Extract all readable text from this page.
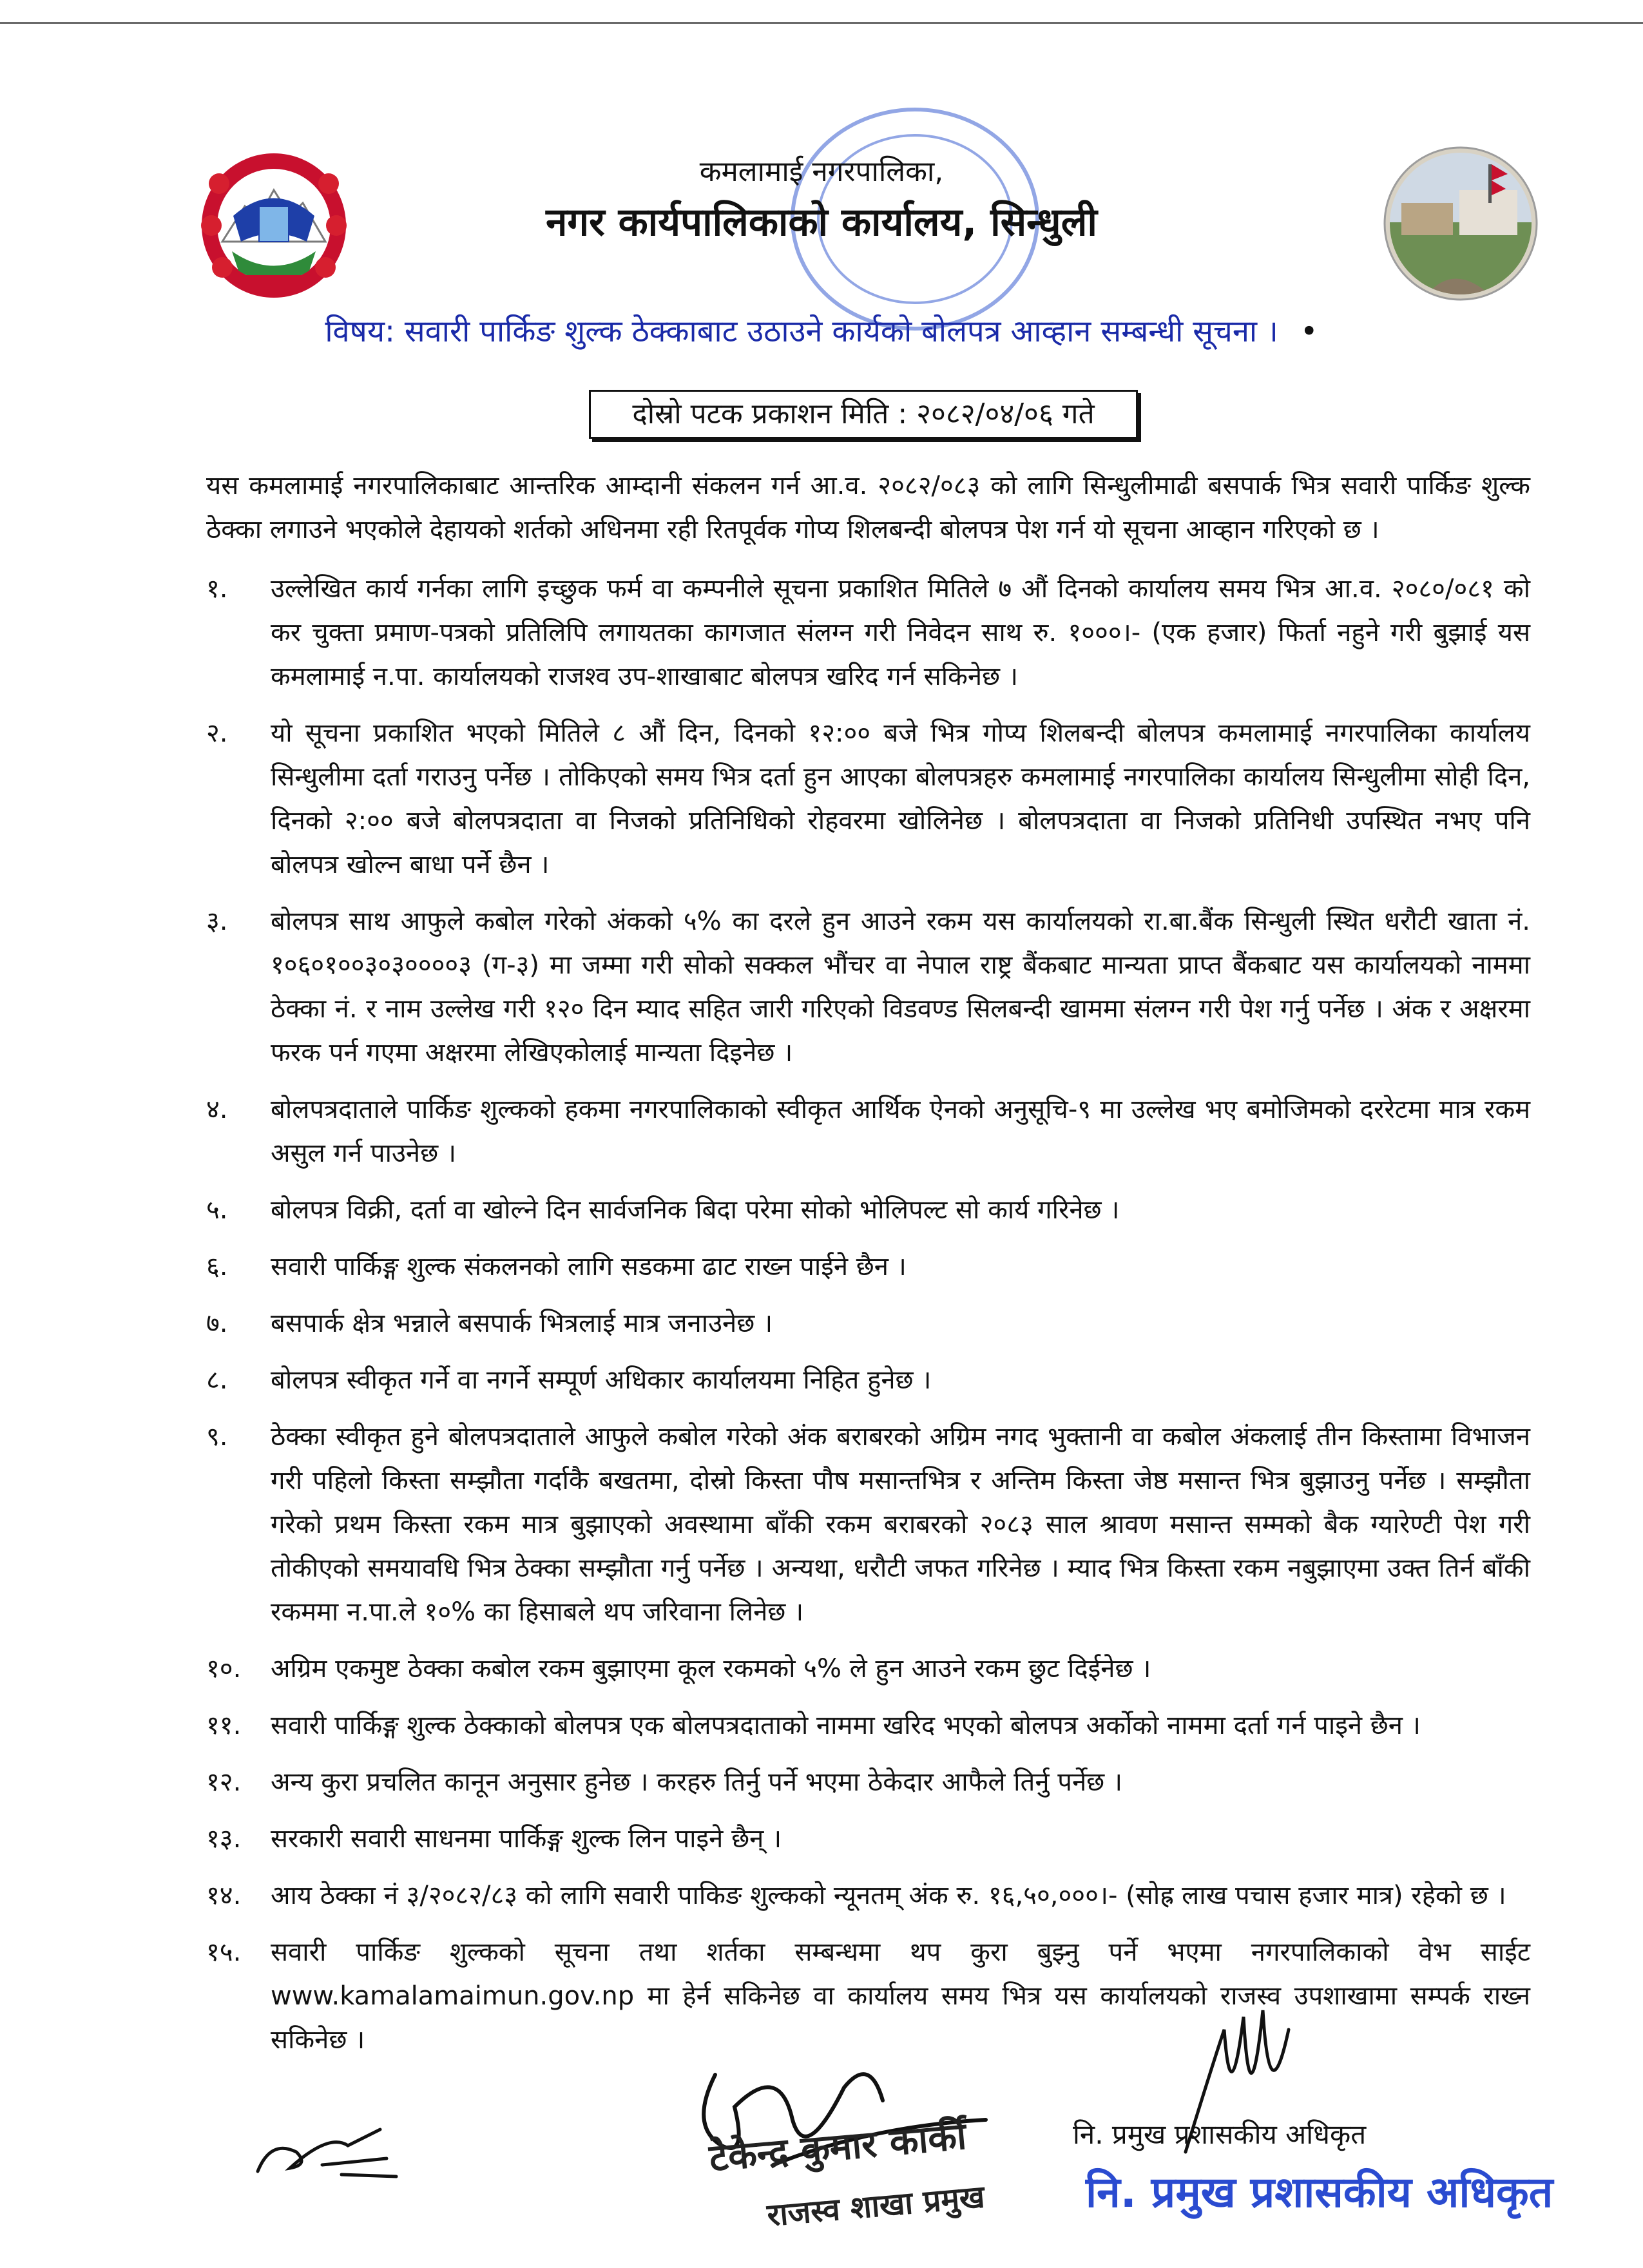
कमलामाई नगरपालिका,
नगर कार्यपालिकाको कार्यालय, सिन्धुली
विषय: सवारी पार्किङ शुल्क ठेक्काबाट उठाउने कार्यको बोलपत्र आव्हान सम्बन्धी सूचना । •
दोस्रो पटक प्रकाशन मिति : २०८२/०४/०६ गते

यस कमलामाई नगरपालिकाबाट आन्तरिक आम्दानी संकलन गर्न आ.व. २०८२/०८३ को लागि सिन्धुलीमाढी बसपार्क भित्र सवारी पार्किङ शुल्क ठेक्का लगाउने भएकोले देहायको शर्तको अधिनमा रही रितपूर्वक गोप्य शिलबन्दी बोलपत्र पेश गर्न यो सूचना आव्हान गरिएको छ ।

१.	उल्लेखित कार्य गर्नका लागि इच्छुक फर्म वा कम्पनीले सूचना प्रकाशित मितिले ७ औं दिनको कार्यालय समय भित्र आ.व. २०८०/०८१ को कर चुक्ता प्रमाण-पत्रको प्रतिलिपि लगायतका कागजात संलग्न गरी निवेदन साथ रु. १०००।- (एक हजार) फिर्ता नहुने गरी बुझाई यस कमलामाई न.पा. कार्यालयको राजश्व उप-शाखाबाट बोलपत्र खरिद गर्न सकिनेछ ।
२.	यो सूचना प्रकाशित भएको मितिले ८ औं दिन, दिनको १२:०० बजे भित्र गोप्य शिलबन्दी बोलपत्र कमलामाई नगरपालिका कार्यालय सिन्धुलीमा दर्ता गराउनु पर्नेछ । तोकिएको समय भित्र दर्ता हुन आएका बोलपत्रहरु कमलामाई नगरपालिका कार्यालय सिन्धुलीमा सोही दिन, दिनको २:०० बजे बोलपत्रदाता वा निजको प्रतिनिधिको रोहवरमा खोलिनेछ । बोलपत्रदाता वा निजको प्रतिनिधी उपस्थित नभए पनि बोलपत्र खोल्न बाधा पर्ने छैन ।
३.	बोलपत्र साथ आफुले कबोल गरेको अंकको ५% का दरले हुन आउने रकम यस कार्यालयको रा.बा.बैंक सिन्धुली स्थित धरौटी खाता नं. १०६०१००३०३००००३ (ग-३) मा जम्मा गरी सोको सक्कल भौंचर वा नेपाल राष्ट्र बैंकबाट मान्यता प्राप्त बैंकबाट यस कार्यालयको नाममा ठेक्का नं. र नाम उल्लेख गरी १२० दिन म्याद सहित जारी गरिएको विडवण्ड सिलबन्दी खाममा संलग्न गरी पेश गर्नु पर्नेछ । अंक र अक्षरमा फरक पर्न गएमा अक्षरमा लेखिएकोलाई मान्यता दिइनेछ ।
४.	बोलपत्रदाताले पार्किङ शुल्कको हकमा नगरपालिकाको स्वीकृत आर्थिक ऐनको अनुसूचि-९ मा उल्लेख भए बमोजिमको दररेटमा मात्र रकम असुल गर्न पाउनेछ ।
५.	बोलपत्र विक्री, दर्ता वा खोल्ने दिन सार्वजनिक बिदा परेमा सोको भोलिपल्ट सो कार्य गरिनेछ ।
६.	सवारी पार्किङ्ग शुल्क संकलनको लागि सडकमा ढाट राख्न पाईने छैन ।
७.	बसपार्क क्षेत्र भन्नाले बसपार्क भित्रलाई मात्र जनाउनेछ ।
८.	बोलपत्र स्वीकृत गर्ने वा नगर्ने सम्पूर्ण अधिकार कार्यालयमा निहित हुनेछ ।
९.	ठेक्का स्वीकृत हुने बोलपत्रदाताले आफुले कबोल गरेको अंक बराबरको अग्रिम नगद भुक्तानी वा कबोल अंकलाई तीन किस्तामा विभाजन गरी पहिलो किस्ता सम्झौता गर्दाकै बखतमा, दोस्रो किस्ता पौष मसान्तभित्र र अन्तिम किस्ता जेष्ठ मसान्त भित्र बुझाउनु पर्नेछ । सम्झौता गरेको प्रथम किस्ता रकम मात्र बुझाएको अवस्थामा बाँकी रकम बराबरको २०८३ साल श्रावण मसान्त सम्मको बैक ग्यारेण्टी पेश गरी तोकीएको समयावधि भित्र ठेक्का सम्झौता गर्नु पर्नेछ । अन्यथा, धरौटी जफत गरिनेछ । म्याद भित्र किस्ता रकम नबुझाएमा उक्त तिर्न बाँकी रकममा न.पा.ले १०% का हिसाबले थप जरिवाना लिनेछ ।
१०.	अग्रिम एकमुष्ट ठेक्का कबोल रकम बुझाएमा कूल रकमको ५% ले हुन आउने रकम छुट दिईनेछ ।
११.	सवारी पार्किङ्ग शुल्क ठेक्काको बोलपत्र एक बोलपत्रदाताको नाममा खरिद भएको बोलपत्र अर्कोको नाममा दर्ता गर्न पाइने छैन ।
१२.	अन्य कुरा प्रचलित कानून अनुसार हुनेछ । करहरु तिर्नु पर्ने भएमा ठेकेदार आफैले तिर्नु पर्नेछ ।
१३.	सरकारी सवारी साधनमा पार्किङ्ग शुल्क लिन पाइने छैन् ।
१४.	आय ठेक्का नं ३/२०८२/८३ को लागि सवारी पाकिङ शुल्कको न्यूनतम् अंक रु. १६,५०,०००।- (सोह्र लाख पचास हजार मात्र) रहेको छ ।
१५.	सवारी पार्किङ शुल्कको सूचना तथा शर्तका सम्बन्धमा थप कुरा बुझ्नु पर्ने भएमा नगरपालिकाको वेभ साईट www.kamalamaimun.gov.np मा हेर्न सकिनेछ वा कार्यालय समय भित्र यस कार्यालयको राजस्व उपशाखामा सम्पर्क राख्न सकिनेछ ।
टेकेन्द्र कुमार कार्की
राजस्व शाखा प्रमुख
नि. प्रमुख प्रशासकीय अधिकृत
नि. प्रमुख प्रशासकीय अधिकृत
